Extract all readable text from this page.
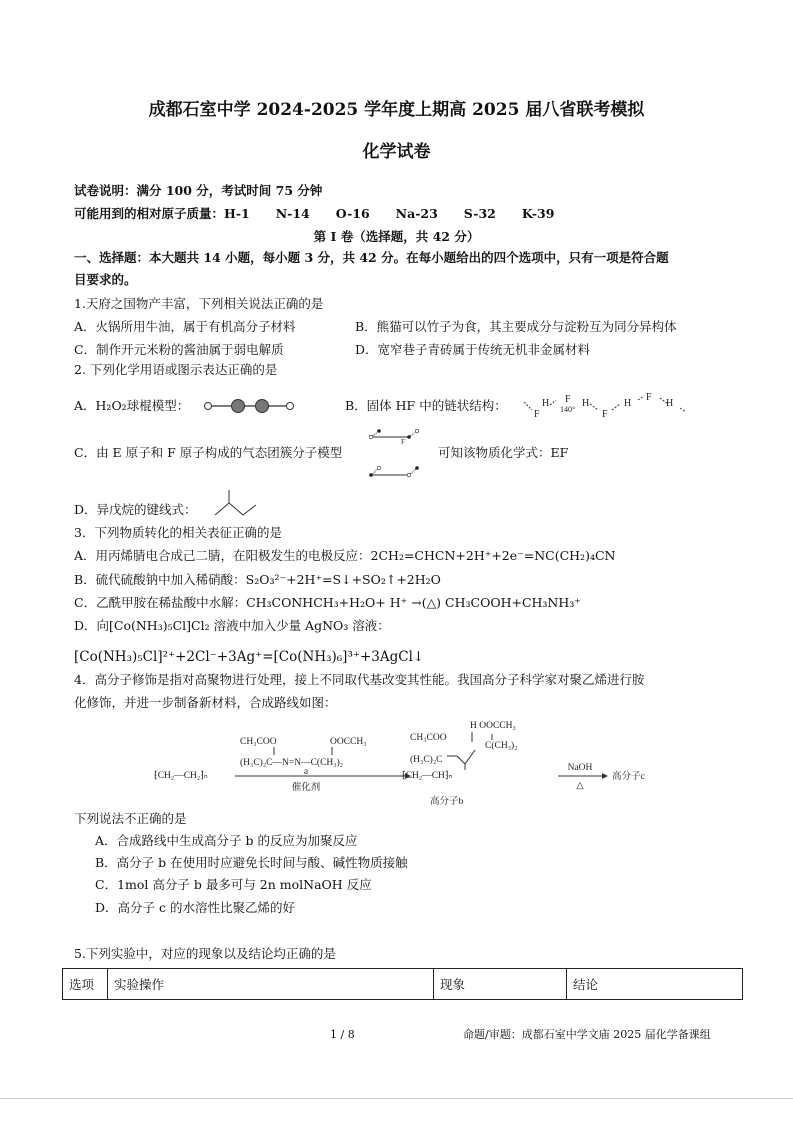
成都石室中学 2024-2025 学年度上期高 2025 届八省联考模拟
化学试卷
试卷说明：满分 100 分，考试时间 75 分钟
可能用到的相对原子质量：H-1 N-14 O-16 Na-23 S-32 K-39
第 I 卷（选择题，共 42 分）
一、选择题：本大题共 14 小题，每小题 3 分，共 42 分。在每小题给出的四个选项中，只有一项是符合题
目要求的。
1.天府之国物产丰富，下列相关说法正确的是
A．火锅所用牛油，属于有机高分子材料	B．熊猫可以竹子为食，其主要成分与淀粉互为同分异构体
C．制作开元米粉的酱油属于弱电解质	D．宽窄巷子青砖属于传统无机非金属材料
2. 下列化学用语或图示表达正确的是
A．H₂O₂球棍模型：	B．固体 HF 中的链状结构：
F
H F
140°
H
F
H
F
H
C．由 E 原子和 F 原子构成的气态团簇分子模型
F
可知该物质化学式：EF
D．异戊烷的键线式：
3．下列物质转化的相关表征正确的是
A．用丙烯腈电合成己二腈，在阳极发生的电极反应：2CH₂=CHCN+2H⁺+2e⁻=NC(CH₂)₄CN
B．硫代硫酸钠中加入稀硝酸：S₂O₃²⁻+2H⁺=S↓+SO₂↑+2H₂O
C．乙酰甲胺在稀盐酸中水解：CH₃CONHCH₃+H₂O+ H⁺ →(△) CH₃COOH+CH₃NH₃⁺
D．向[Co(NH₃)₅Cl]Cl₂ 溶液中加入少量 AgNO₃ 溶液：
[Co(NH₃)₅Cl]²⁺+2Cl⁻+3Ag⁺=[Co(NH₃)₆]³⁺+3AgCl↓
4．高分子修饰是指对高聚物进行处理，接上不同取代基改变其性能。我国高分子科学家对聚乙烯进行胺
化修饰，并进一步制备新材料，合成路线如图：
⁅CH₂—CH₂⁆ₙ
CH₃COO	OOCCH₃
(H₃C)₂C—N=N—C(CH₃)₂
a
催化剂
CH₃COO
H OOCCH₃
(H₃C)₂C
C(CH₃)₂
⁅CH₂—CH⁆ₙ
高分子b
NaOH
△
高分子c
下列说法不正确的是
A．合成路线中生成高分子 b 的反应为加聚反应
B．高分子 b 在使用时应避免长时间与酸、碱性物质接触
C．1mol 高分子 b 最多可与 2n molNaOH 反应
D．高分子 c 的水溶性比聚乙烯的好
5.下列实验中，对应的现象以及结论均正确的是
选项	实验操作	现象	结论
1 / 8	命题/审题：成都石室中学文庙 2025 届化学备课组
